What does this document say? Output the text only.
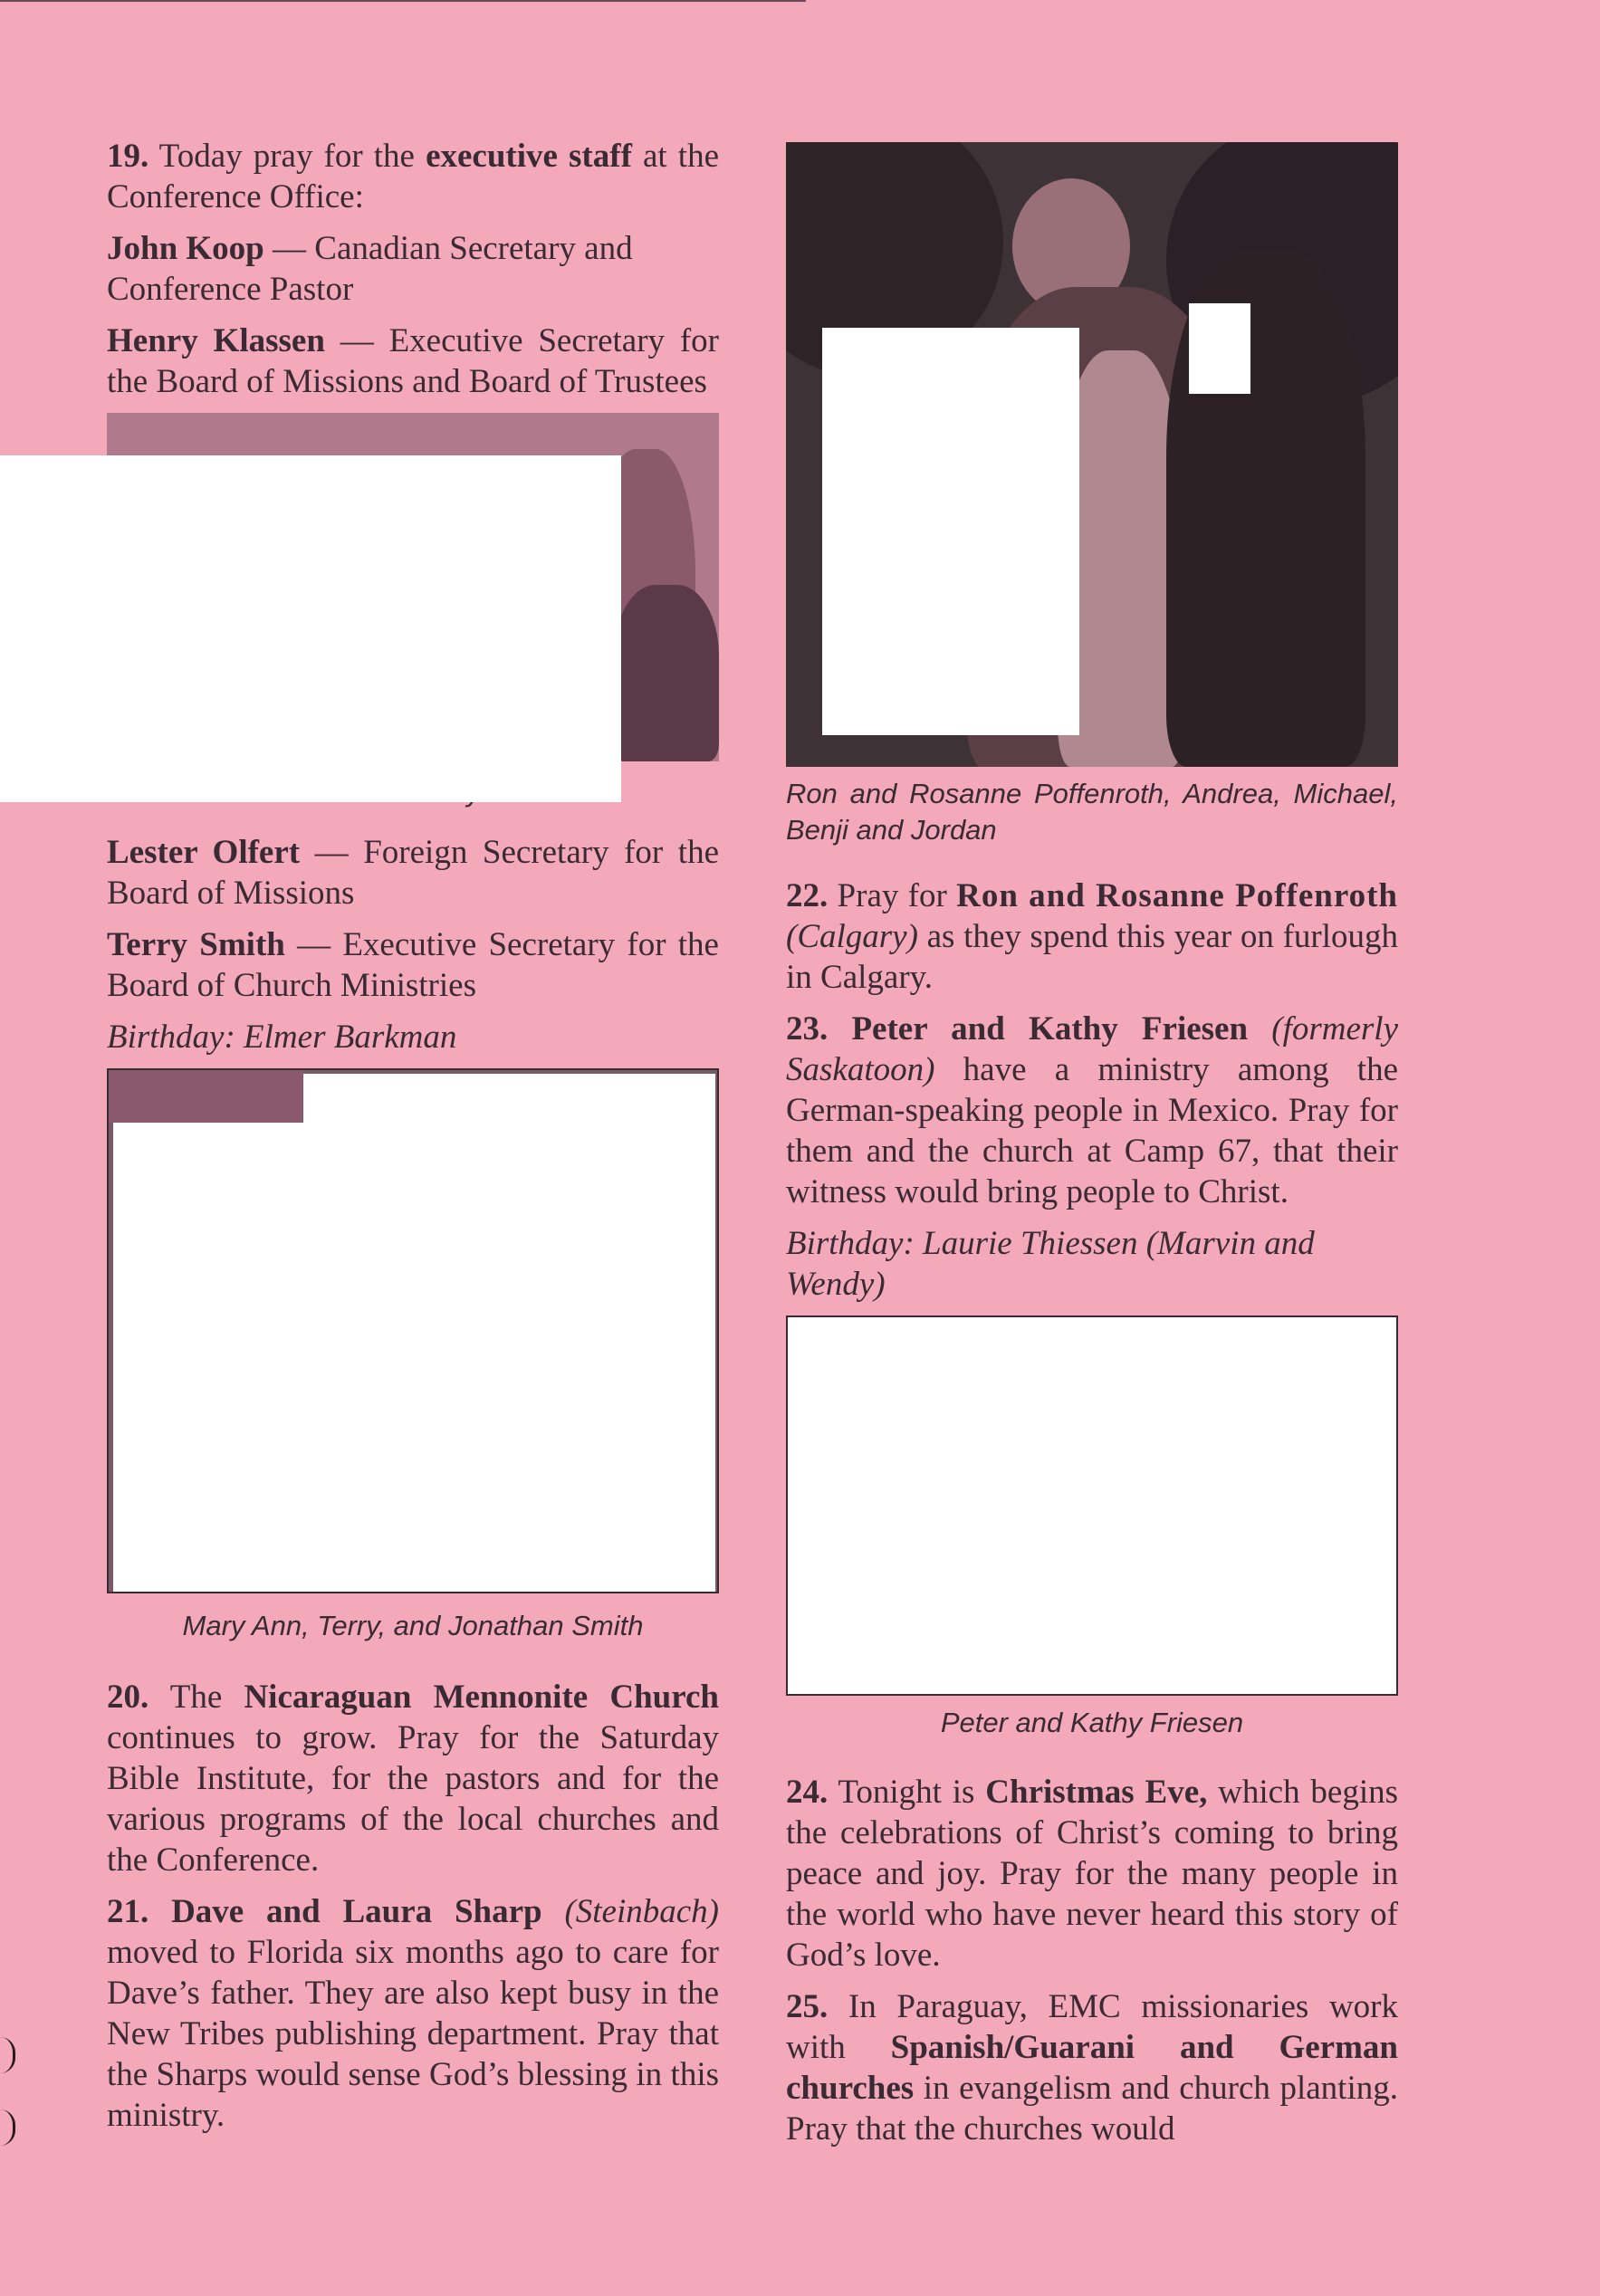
19. Today pray for the executive staff at the Conference Office:

John Koop — Canadian Secretary and Conference Pastor

Henry Klassen — Executive Secretary for the Board of Missions and Board of Trustees

Lester Olfert — Foreign Secretary for the Board of Missions

Terry Smith — Executive Secretary for the Board of Church Ministries

Birthday: Elmer Barkman

Mary Ann, Terry, and Jonathan Smith

20. The Nicaraguan Mennonite Church continues to grow. Pray for the Saturday Bible Institute, for the pastors and for the various programs of the local churches and the Conference.

21. Dave and Laura Sharp (Steinbach) moved to Florida six months ago to care for Dave’s father. They are also kept busy in the New Tribes publishing department. Pray that the Sharps would sense God’s blessing in this ministry.

Ron and Rosanne Poffenroth, Andrea, Michael, Benji and Jordan

22. Pray for Ron and Rosanne Poffenroth (Calgary) as they spend this year on furlough in Calgary.

23. Peter and Kathy Friesen (formerly Saskatoon) have a ministry among the German-speaking people in Mexico. Pray for them and the church at Camp 67, that their witness would bring people to Christ.

Birthday: Laurie Thiessen (Marvin and Wendy)

Peter and Kathy Friesen

24. Tonight is Christmas Eve, which begins the celebrations of Christ’s coming to bring peace and joy. Pray for the many people in the world who have never heard this story of God’s love.

25. In Paraguay, EMC missionaries work with Spanish/Guarani and German churches in evangelism and church planting. Pray that the churches would
